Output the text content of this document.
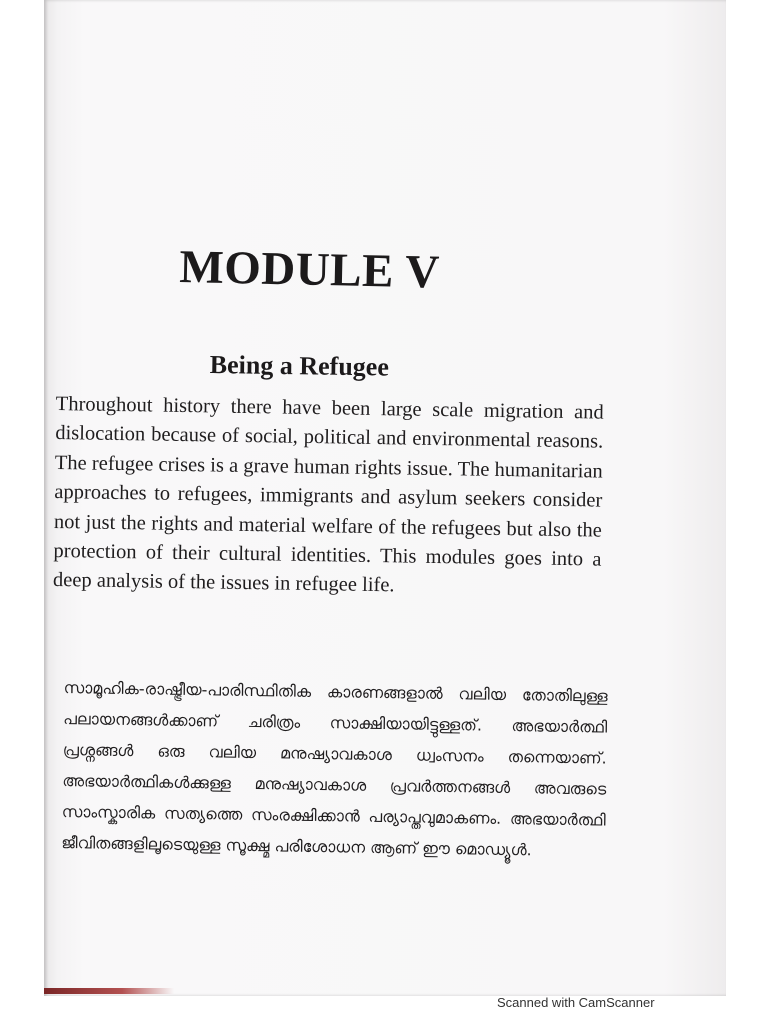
MODULE V
Being a Refugee

Throughout history there have been large scale migration and dislocation because of social, political and environmental reasons. The refugee crises is a grave human rights issue. The humanitarian approaches to refugees, immigrants and asylum seekers consider not just the rights and material welfare of the refugees but also the protection of their cultural identities. This modules goes into a deep analysis of the issues in refugee life.

സാമൂഹിക-രാഷ്ട്രീയ-പാരിസ്ഥിതിക കാരണങ്ങളാൽ വലിയ തോതിലുള്ള പലായനങ്ങൾക്കാണ് ചരിത്രം സാക്ഷിയായിട്ടുള്ളത്. അഭയാർത്ഥി പ്രശ്നങ്ങൾ ഒരു വലിയ മനുഷ്യാവകാശ ധ്വംസനം തന്നെയാണ്. അഭയാർത്ഥികൾക്കുള്ള മനുഷ്യാവകാശ പ്രവർത്തനങ്ങൾ അവരുടെ സാംസ്കാരിക സത്യത്തെ സംരക്ഷിക്കാൻ പര്യാപ്തവുമാകണം. അഭയാർത്ഥി ജീവിതങ്ങളിലൂടെയുള്ള സൂക്ഷ്മ പരിശോധന ആണ് ഈ മൊഡ്യൂൾ.

Scanned with CamScanner
